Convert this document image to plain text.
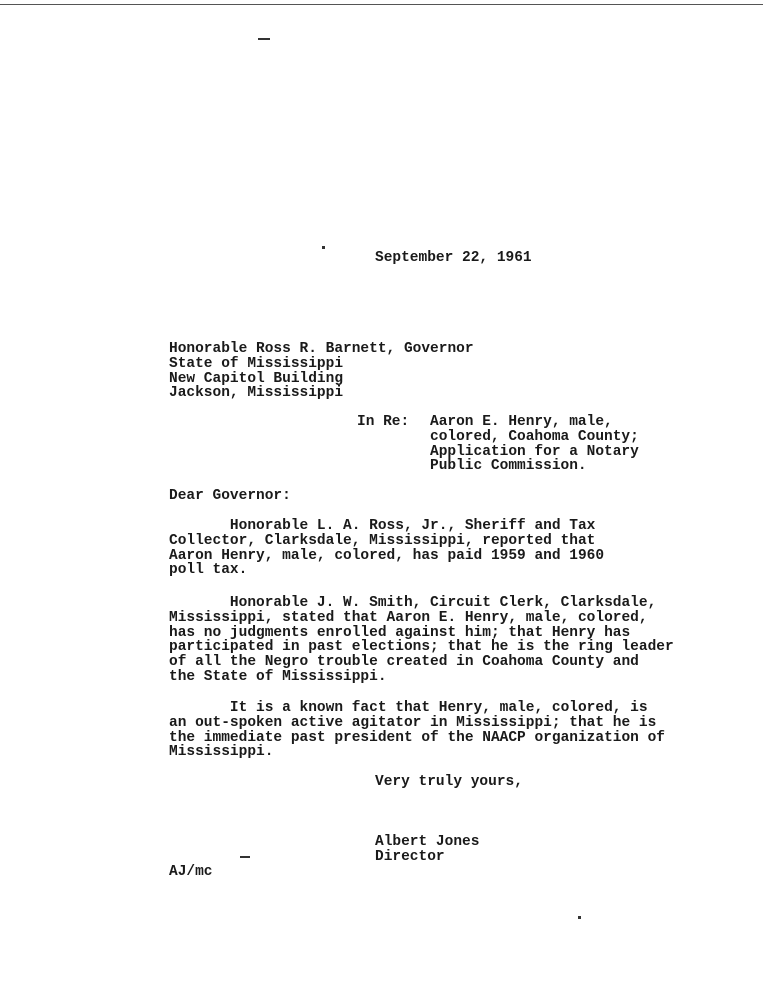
September 22, 1961
Honorable Ross R. Barnett, Governor
State of Mississippi
New Capitol Building
Jackson, Mississippi
In Re: Aaron E. Henry, male,
colored, Coahoma County;
Application for a Notary
Public Commission.
Dear Governor:
Honorable L. A. Ross, Jr., Sheriff and Tax
Collector, Clarksdale, Mississippi, reported that
Aaron Henry, male, colored, has paid 1959 and 1960
poll tax.
Honorable J. W. Smith, Circuit Clerk, Clarksdale,
Mississippi, stated that Aaron E. Henry, male, colored,
has no judgments enrolled against him; that Henry has
participated in past elections; that he is the ring leader
of all the Negro trouble created in Coahoma County and
the State of Mississippi.
It is a known fact that Henry, male, colored, is
an out-spoken active agitator in Mississippi; that he is
the immediate past president of the NAACP organization of
Mississippi.
Very truly yours,
Albert Jones
Director
AJ/mc
